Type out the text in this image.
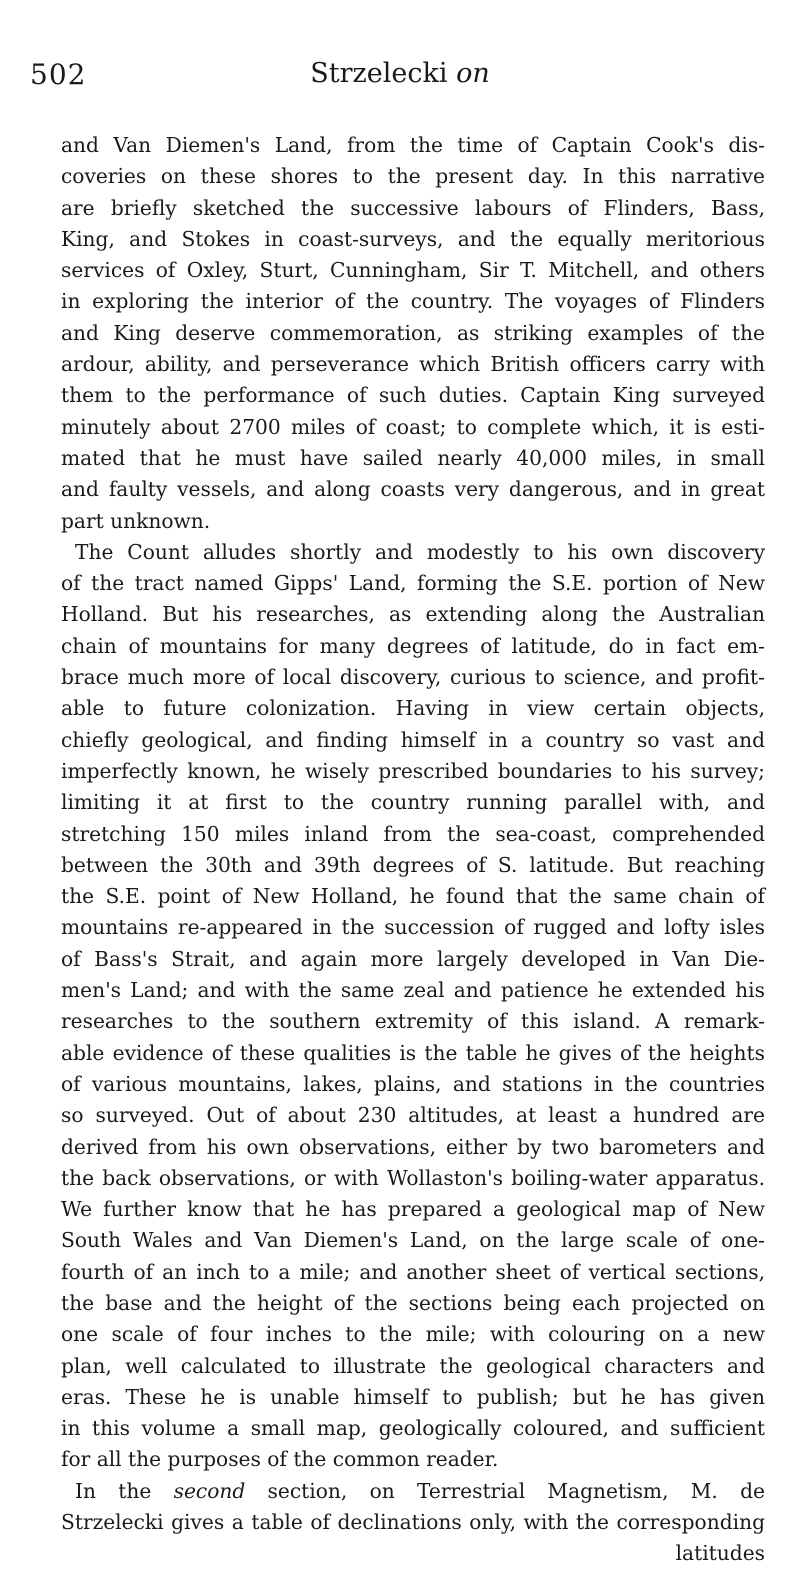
502	Strzelecki on
and Van Diemen's Land, from the time of Captain Cook's dis-
coveries on these shores to the present day. In this narrative
are briefly sketched the successive labours of Flinders, Bass,
King, and Stokes in coast-surveys, and the equally meritorious
services of Oxley, Sturt, Cunningham, Sir T. Mitchell, and others
in exploring the interior of the country. The voyages of Flinders
and King deserve commemoration, as striking examples of the
ardour, ability, and perseverance which British officers carry with
them to the performance of such duties. Captain King surveyed
minutely about 2700 miles of coast; to complete which, it is esti-
mated that he must have sailed nearly 40,000 miles, in small
and faulty vessels, and along coasts very dangerous, and in great
part unknown.
The Count alludes shortly and modestly to his own discovery
of the tract named Gipps' Land, forming the S.E. portion of New
Holland. But his researches, as extending along the Australian
chain of mountains for many degrees of latitude, do in fact em-
brace much more of local discovery, curious to science, and profit-
able to future colonization. Having in view certain objects,
chiefly geological, and finding himself in a country so vast and
imperfectly known, he wisely prescribed boundaries to his survey;
limiting it at first to the country running parallel with, and
stretching 150 miles inland from the sea-coast, comprehended
between the 30th and 39th degrees of S. latitude. But reaching
the S.E. point of New Holland, he found that the same chain of
mountains re-appeared in the succession of rugged and lofty isles
of Bass's Strait, and again more largely developed in Van Die-
men's Land; and with the same zeal and patience he extended his
researches to the southern extremity of this island. A remark-
able evidence of these qualities is the table he gives of the heights
of various mountains, lakes, plains, and stations in the countries
so surveyed. Out of about 230 altitudes, at least a hundred are
derived from his own observations, either by two barometers and
the back observations, or with Wollaston's boiling-water apparatus.
We further know that he has prepared a geological map of New
South Wales and Van Diemen's Land, on the large scale of one-
fourth of an inch to a mile; and another sheet of vertical sections,
the base and the height of the sections being each projected on
one scale of four inches to the mile; with colouring on a new
plan, well calculated to illustrate the geological characters and
eras. These he is unable himself to publish; but he has given
in this volume a small map, geologically coloured, and sufficient
for all the purposes of the common reader.
In the second section, on Terrestrial Magnetism, M. de
Strzelecki gives a table of declinations only, with the corresponding
latitudes
